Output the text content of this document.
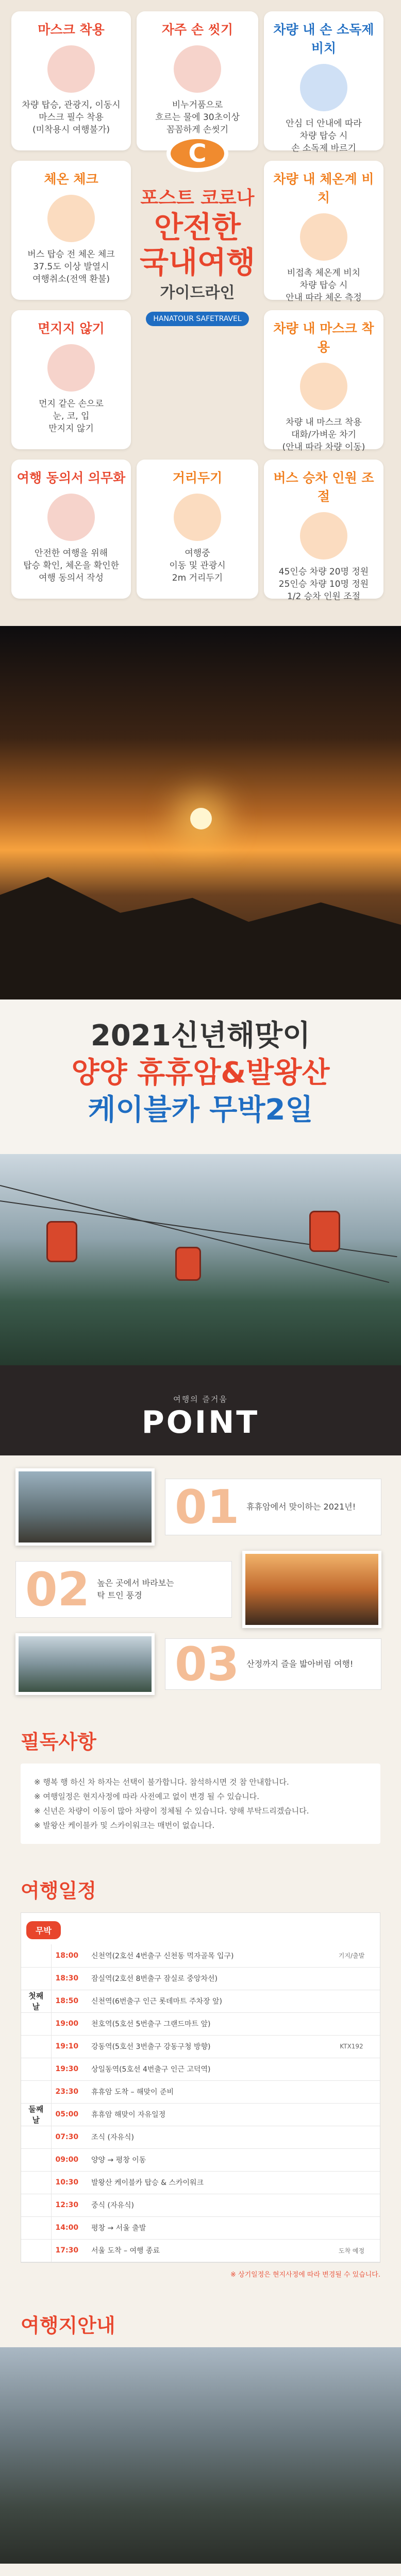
마스크 착용

차량 탑승, 관광지, 이동시
마스크 필수 착용
(미착용시 여행불가)

자주 손 씻기

비누거품으로
흐르는 물에 30초이상
꼼꼼하게 손씻기

차량 내 손 소독제 비치

안심 더 안내에 따라
차량 탑승 시
손 소독제 바르기

체온 체크

버스 탑승 전 체온 체크
37.5도 이상 발열시
여행취소(전액 환불)

C
포스트 코로나
안전한
국내여행
가이드라인
HANATOUR SAFETRAVEL
차량 내 체온계 비치

비접촉 체온계 비치
차량 탑승 시
안내 따라 체온 측정

면지지 않기

먼지 같은 손으로
눈, 코, 입
만지지 않기

차량 내 마스크 착용

차량 내 마스크 착용
대화/가벼운 차기
(안내 따라 차량 이동)

여행 동의서 의무화

안전한 여행을 위해
탑승 확인, 체온을 확인한
여행 동의서 작성

거리두기

여행중
이동 및 관광시
2m 거리두기

버스 승차 인원 조절

45인승 차량 20명 정원
25인승 차량 10명 정원
1/2 승차 인원 조절

2021신년해맞이
양양 휴휴암&발왕산
케이블카 무박2일
여행의 즐거움
POINT
01 휴휴암에서 맞이하는 2021년!
02 높은 곳에서 바라보는
탁 트인 풍경
03 산정까지 즐을 밟아버림 여행!
필독사항

※ 행복 행 하신 차 하자는 선택이 불가합니다. 참석하시면 것 참 안내합니다.

※ 여행일정은 현지사정에 따라 사전예고 없이 변경 될 수 있습니다.

※ 신년은 차량이 이동이 많아 차량이 정체될 수 있습니다. 양해 부탁드리겠습니다.

※ 발왕산 케이블카 및 스카이워크는 매번이 없습니다.

여행일정
무박
	18:00	신천역(2호선 4번출구 신천동 먹자골목 입구)	기지/출발
	18:30	잠실역(2호선 8번출구 잠실로 중앙차선)	
첫째날	18:50	신천역(6번출구 인근 롯데마트 주차장 앞)	
	19:00	천호역(5호선 5번출구 그랜드마트 앞)	
	19:10	강동역(5호선 3번출구 강동구청 방향)	KTX192
	19:30	상일동역(5호선 4번출구 인근 고덕역)	
	23:30	휴휴암 도착 – 해맞이 준비	
둘째날	05:00	휴휴암 해맞이 자유일정	
	07:30	조식 (자유식)	
	09:00	양양 → 평창 이동	
	10:30	발왕산 케이블카 탑승 & 스카이워크	
	12:30	중식 (자유식)	
	14:00	평창 → 서울 출발	
	17:30	서울 도착 – 여행 종료	도착 예정
※ 상기일정은 현지사정에 따라 변경될 수 있습니다.
여행지안내
